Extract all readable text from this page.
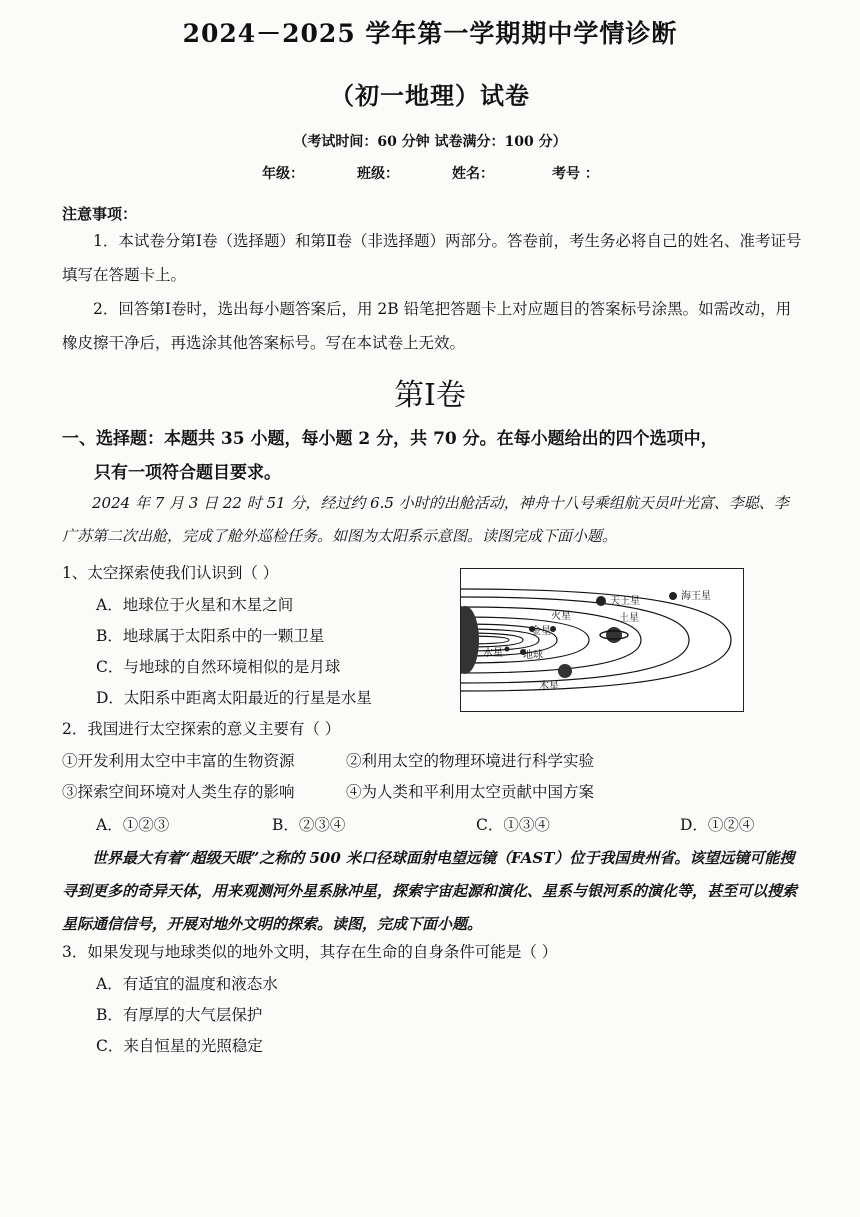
2024－2025 学年第一学期期中学情诊断
（初一地理）试卷
（考试时间：60 分钟 试卷满分：100 分）
年级：	班级：	姓名：	考号 ：
注意事项：

1．本试卷分第Ⅰ卷（选择题）和第Ⅱ卷（非选择题）两部分。答卷前，考生务必将自己的姓名、准考证号填写在答题卡上。

2．回答第Ⅰ卷时，选出每小题答案后，用 2B 铅笔把答题卡上对应题目的答案标号涂黑。如需改动，用橡皮擦干净后，再选涂其他答案标号。写在本试卷上无效。

第Ⅰ卷

一、选择题：本题共 35 小题，每小题 2 分，共 70 分。在每小题给出的四个选项中，
只有一项符合题目要求。

2024 年 7 月 3 日 22 时 51 分，经过约 6.5 小时的出舱活动，神舟十八号乘组航天员叶光富、李聪、李广苏第二次出舱，完成了舱外巡检任务。如图为太阳系示意图。读图完成下面小题。

1、太空探索使我们认识到（ ）
A．地球位于火星和木星之间
B．地球属于太阳系中的一颗卫星
C．与地球的自然环境相似的是月球
D．太阳系中距离太阳最近的行星是水星
天王星	海王星
土星
火星
金星
水星 地球
木星
2．我国进行太空探索的意义主要有（ ）
①开发利用太空中丰富的生物资源	②利用太空的物理环境进行科学实验
③探索空间环境对人类生存的影响	④为人类和平利用太空贡献中国方案
A．①②③	B．②③④	C．①③④	D．①②④

世界最大有着“超级天眼”之称的 500 米口径球面射电望远镜（FAST）位于我国贵州省。该望远镜可能搜寻到更多的奇异天体，用来观测河外星系脉冲星，探索宇宙起源和演化、星系与银河系的演化等，甚至可以搜索星际通信信号，开展对地外文明的探索。读图，完成下面小题。

3．如果发现与地球类似的地外文明，其存在生命的自身条件可能是（ ）
A．有适宜的温度和液态水
B．有厚厚的大气层保护
C．来自恒星的光照稳定
